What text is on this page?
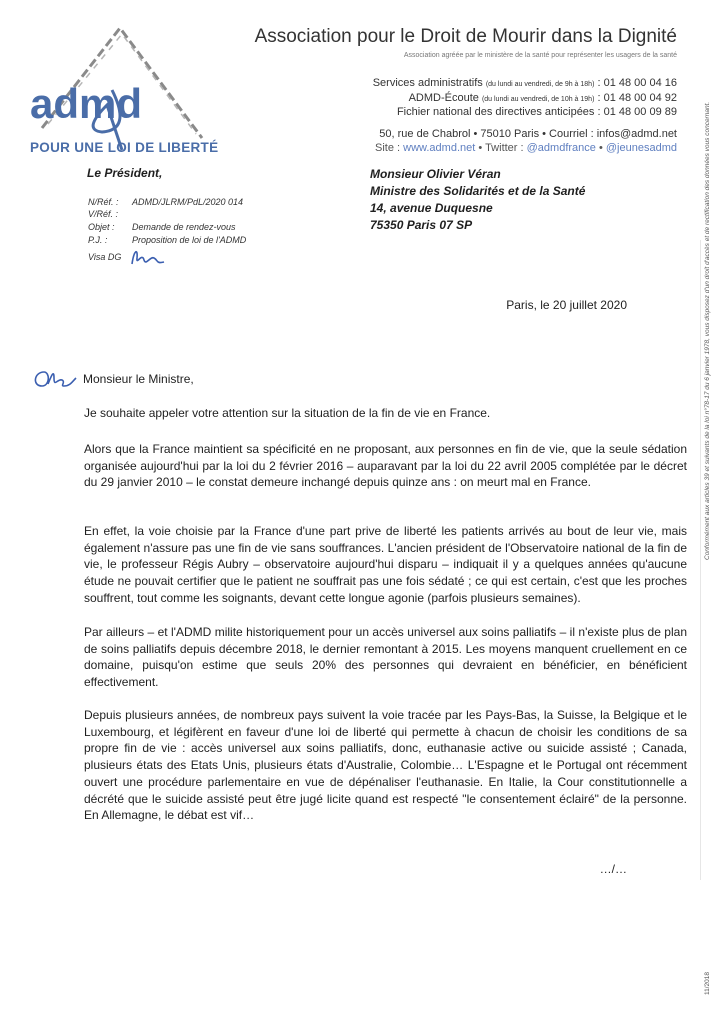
admd
POUR UNE LOI DE LIBERTÉ
Association pour le Droit de Mourir dans la Dignité
Association agréée par le ministère de la santé pour représenter les usagers de la santé
Services administratifs (du lundi au vendredi, de 9h à 18h) : 01 48 00 04 16
ADMD-Écoute (du lundi au vendredi, de 10h à 19h) : 01 48 00 04 92
Fichier national des directives anticipées : 01 48 00 09 89
50, rue de Chabrol • 75010 Paris • Courriel : infos@admd.net
Site : www.admd.net • Twitter : @admdfrance • @jeunesadmd
Le Président,
N/Réf. : ADMD/JLRM/PdL/2020 014
V/Réf. :
Objet : Demande de rendez-vous
P.J. :	Proposition de loi de l'ADMD
Visa DG
Monsieur Olivier Véran
Ministre des Solidarités et de la Santé
14, avenue Duquesne
75350 Paris 07 SP
Paris, le 20 juillet 2020
Monsieur le Ministre,
Je souhaite appeler votre attention sur la situation de la fin de vie en France.
Alors que la France maintient sa spécificité en ne proposant, aux personnes en fin de vie, que la seule sédation organisée aujourd'hui par la loi du 2 février 2016 – auparavant par la loi du 22 avril 2005 complétée par le décret du 29 janvier 2010 – le constat demeure inchangé depuis quinze ans : on meurt mal en France.
En effet, la voie choisie par la France d'une part prive de liberté les patients arrivés au bout de leur vie, mais également n'assure pas une fin de vie sans souffrances. L'ancien président de l'Observatoire national de la fin de vie, le professeur Régis Aubry – observatoire aujourd'hui disparu – indiquait il y a quelques années qu'aucune étude ne pouvait certifier que le patient ne souffrait pas une fois sédaté ; ce qui est certain, c'est que les proches souffrent, tout comme les soignants, devant cette longue agonie (parfois plusieurs semaines).
Par ailleurs – et l'ADMD milite historiquement pour un accès universel aux soins palliatifs – il n'existe plus de plan de soins palliatifs depuis décembre 2018, le dernier remontant à 2015. Les moyens manquent cruellement en ce domaine, puisqu'on estime que seuls 20% des personnes qui devraient en bénéficier, en bénéficient effectivement.
Depuis plusieurs années, de nombreux pays suivent la voie tracée par les Pays-Bas, la Suisse, la Belgique et le Luxembourg, et légifèrent en faveur d'une loi de liberté qui permette à chacun de choisir les conditions de sa propre fin de vie : accès universel aux soins palliatifs, donc, euthanasie active ou suicide assisté ; Canada, plusieurs états des Etats Unis, plusieurs états d'Australie, Colombie… L'Espagne et le Portugal ont récemment ouvert une procédure parlementaire en vue de dépénaliser l'euthanasie. En Italie, la Cour constitutionnelle a décrété que le suicide assisté peut être jugé licite quand est respecté "le consentement éclairé" de la personne. En Allemagne, le débat est vif…
…/…
Conformément aux articles 39 et suivants de la loi n°78-17 du 6 janvier 1978, vous disposez d'un droit d'accès et de rectification des données vous concernant.
11/2018
